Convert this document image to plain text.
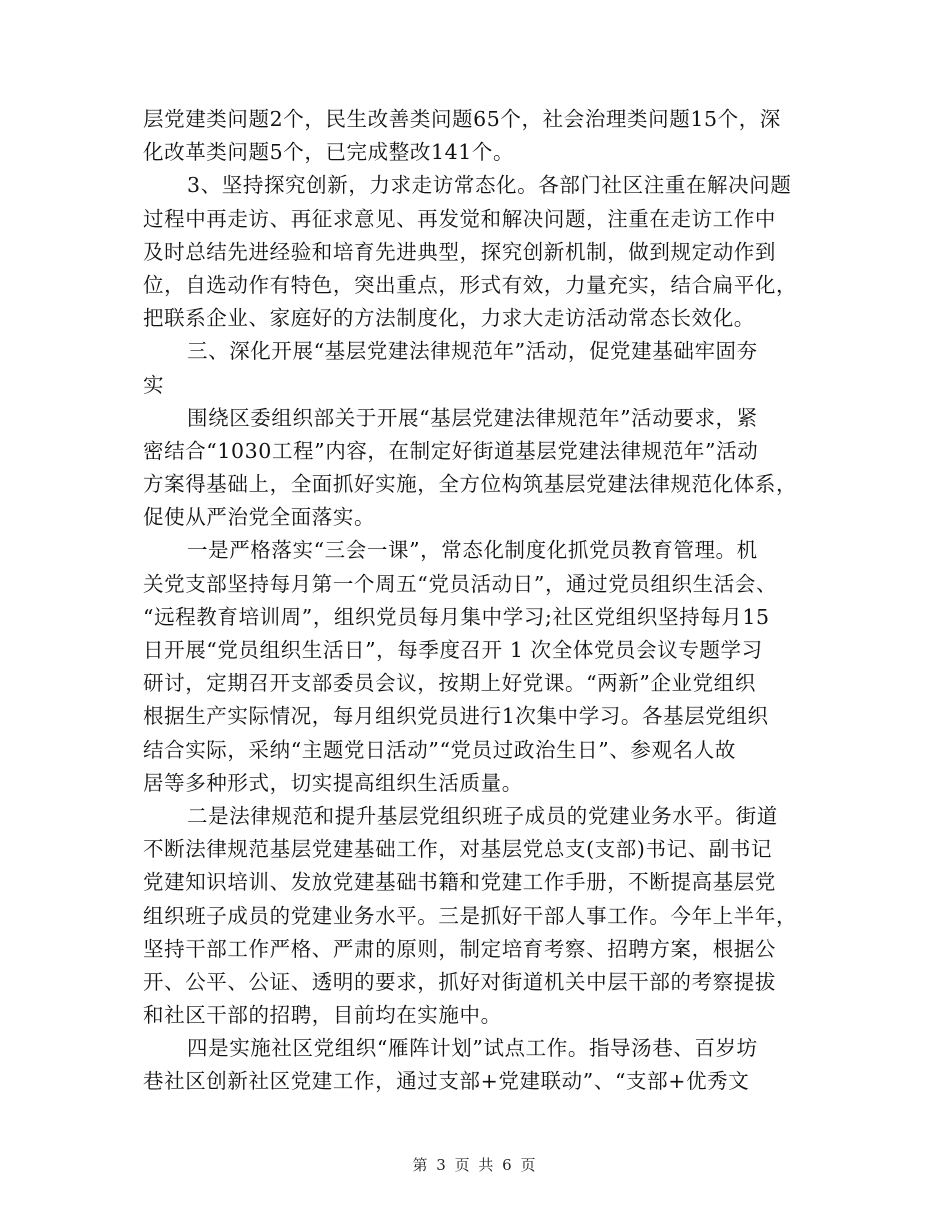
层党建类问题2个，民生改善类问题65个，社会治理类问题15个，深
化改革类问题5个，已完成整改141个。
3、坚持探究创新，力求走访常态化。各部门社区注重在解决问题
过程中再走访、再征求意见、再发觉和解决问题，注重在走访工作中
及时总结先进经验和培育先进典型，探究创新机制，做到规定动作到
位，自选动作有特色，突出重点，形式有效，力量充实，结合扁平化，
把联系企业、家庭好的方法制度化，力求大走访活动常态长效化。
三、深化开展“基层党建法律规范年”活动，促党建基础牢固夯
实
围绕区委组织部关于开展“基层党建法律规范年”活动要求，紧
密结合“1030工程”内容，在制定好街道基层党建法律规范年”活动
方案得基础上，全面抓好实施，全方位构筑基层党建法律规范化体系，
促使从严治党全面落实。
一是严格落实“三会一课”，常态化制度化抓党员教育管理。机
关党支部坚持每月第一个周五“党员活动日”，通过党员组织生活会、
“远程教育培训周”，组织党员每月集中学习;社区党组织坚持每月15
日开展“党员组织生活日”，每季度召开 1 次全体党员会议专题学习
研讨，定期召开支部委员会议，按期上好党课。“两新”企业党组织
根据生产实际情况，每月组织党员进行1次集中学习。各基层党组织
结合实际，采纳“主题党日活动”“党员过政治生日”、参观名人故
居等多种形式，切实提高组织生活质量。
二是法律规范和提升基层党组织班子成员的党建业务水平。街道
不断法律规范基层党建基础工作，对基层党总支(支部)书记、副书记
党建知识培训、发放党建基础书籍和党建工作手册，不断提高基层党
组织班子成员的党建业务水平。三是抓好干部人事工作。今年上半年，
坚持干部工作严格、严肃的原则，制定培育考察、招聘方案，根据公
开、公平、公证、透明的要求，抓好对街道机关中层干部的考察提拔
和社区干部的招聘，目前均在实施中。
四是实施社区党组织“雁阵计划”试点工作。指导汤巷、百岁坊
巷社区创新社区党建工作，通过支部+党建联动”、“支部+优秀文
第 3 页 共 6 页
